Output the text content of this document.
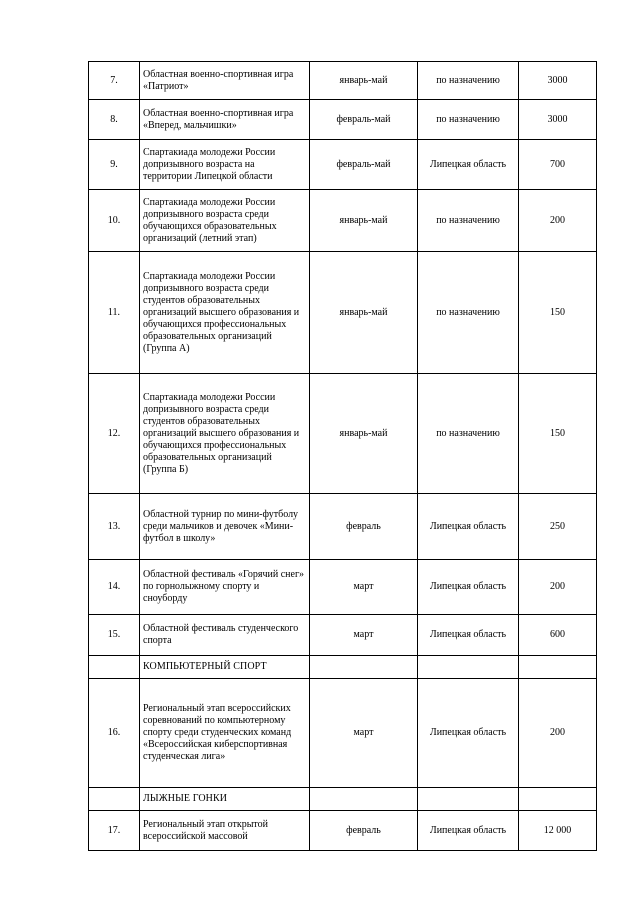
7.	Областная военно-спортивная игра «Патриот»	январь-май	по назначению	3000
8.	Областная военно-спортивная игра «Вперед, мальчишки»	февраль-май	по назначению	3000
9.	Спартакиада молодежи России допризывного возраста на территории Липецкой области	февраль-май	Липецкая область	700
10.	Спартакиада молодежи России допризывного возраста среди обучающихся образовательных организаций (летний этап)	январь-май	по назначению	200
11.	Спартакиада молодежи России допризывного возраста среди студентов образовательных организаций высшего образования и обучающихся профессиональных образовательных организаций (Группа А)	январь-май	по назначению	150
12.	Спартакиада молодежи России допризывного возраста среди студентов образовательных организаций высшего образования и обучающихся профессиональных образовательных организаций (Группа Б)	январь-май	по назначению	150
13.	Областной турнир по мини-футболу среди мальчиков и девочек «Мини-футбол в школу»	февраль	Липецкая область	250
14.	Областной фестиваль «Горячий снег» по горнолыжному спорту и сноуборду	март	Липецкая область	200
15.	Областной фестиваль студенческого спорта	март	Липецкая область	600
	КОМПЬЮТЕРНЫЙ СПОРТ			
16.	Региональный этап всероссийских соревнований по компьютерному спорту среди студенческих команд «Всероссийская киберспортивная студенческая лига»	март	Липецкая область	200
	ЛЫЖНЫЕ ГОНКИ			
17.	Региональный этап открытой всероссийской массовой	февраль	Липецкая область	12 000
